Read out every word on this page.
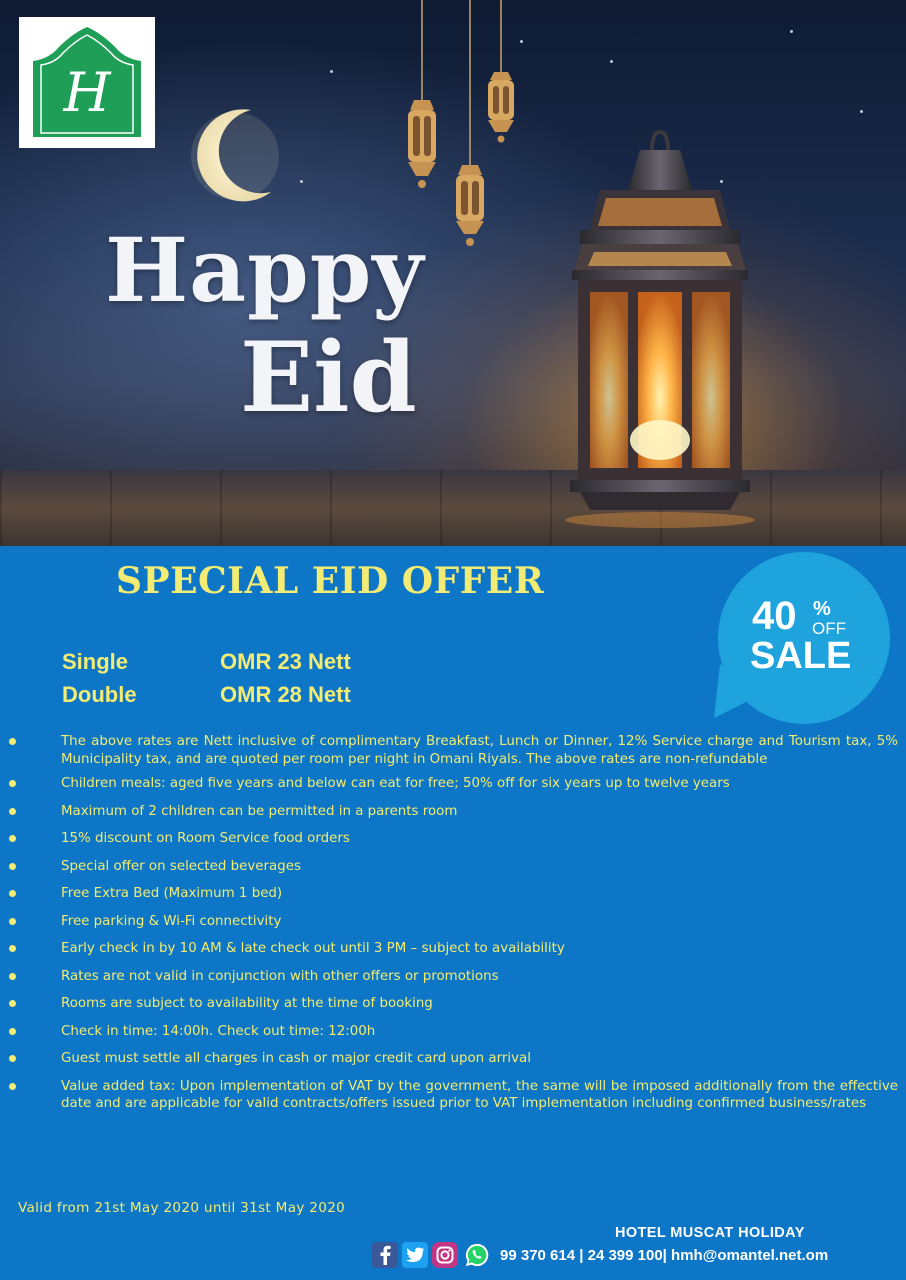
H
Happy
Eid
SPECIAL EID OFFER
40 %
OFF
SALE
Single	OMR 23 Nett
Double	OMR 28 Nett
The above rates are Nett inclusive of complimentary Breakfast, Lunch or Dinner, 12% Service charge and Tourism tax, 5% Municipality tax, and are quoted per room per night in Omani Riyals. The above rates are non-refundable
Children meals: aged five years and below can eat for free; 50% off for six years up to twelve years
Maximum of 2 children can be permitted in a parents room
15% discount on Room Service food orders
Special offer on selected beverages
Free Extra Bed (Maximum 1 bed)
Free parking & Wi-Fi connectivity
Early check in by 10 AM & late check out until 3 PM – subject to availability
Rates are not valid in conjunction with other offers or promotions
Rooms are subject to availability at the time of booking
Check in time: 14:00h. Check out time: 12:00h
Guest must settle all charges in cash or major credit card upon arrival
Value added tax: Upon implementation of VAT by the government, the same will be imposed additionally from the effective date and are applicable for valid contracts/offers issued prior to VAT implementation including confirmed business/rates

Valid from 21st May 2020 until 31st May 2020

HOTEL MUSCAT HOLIDAY

99 370 614 | 24 399 100| hmh@omantel.net.om
